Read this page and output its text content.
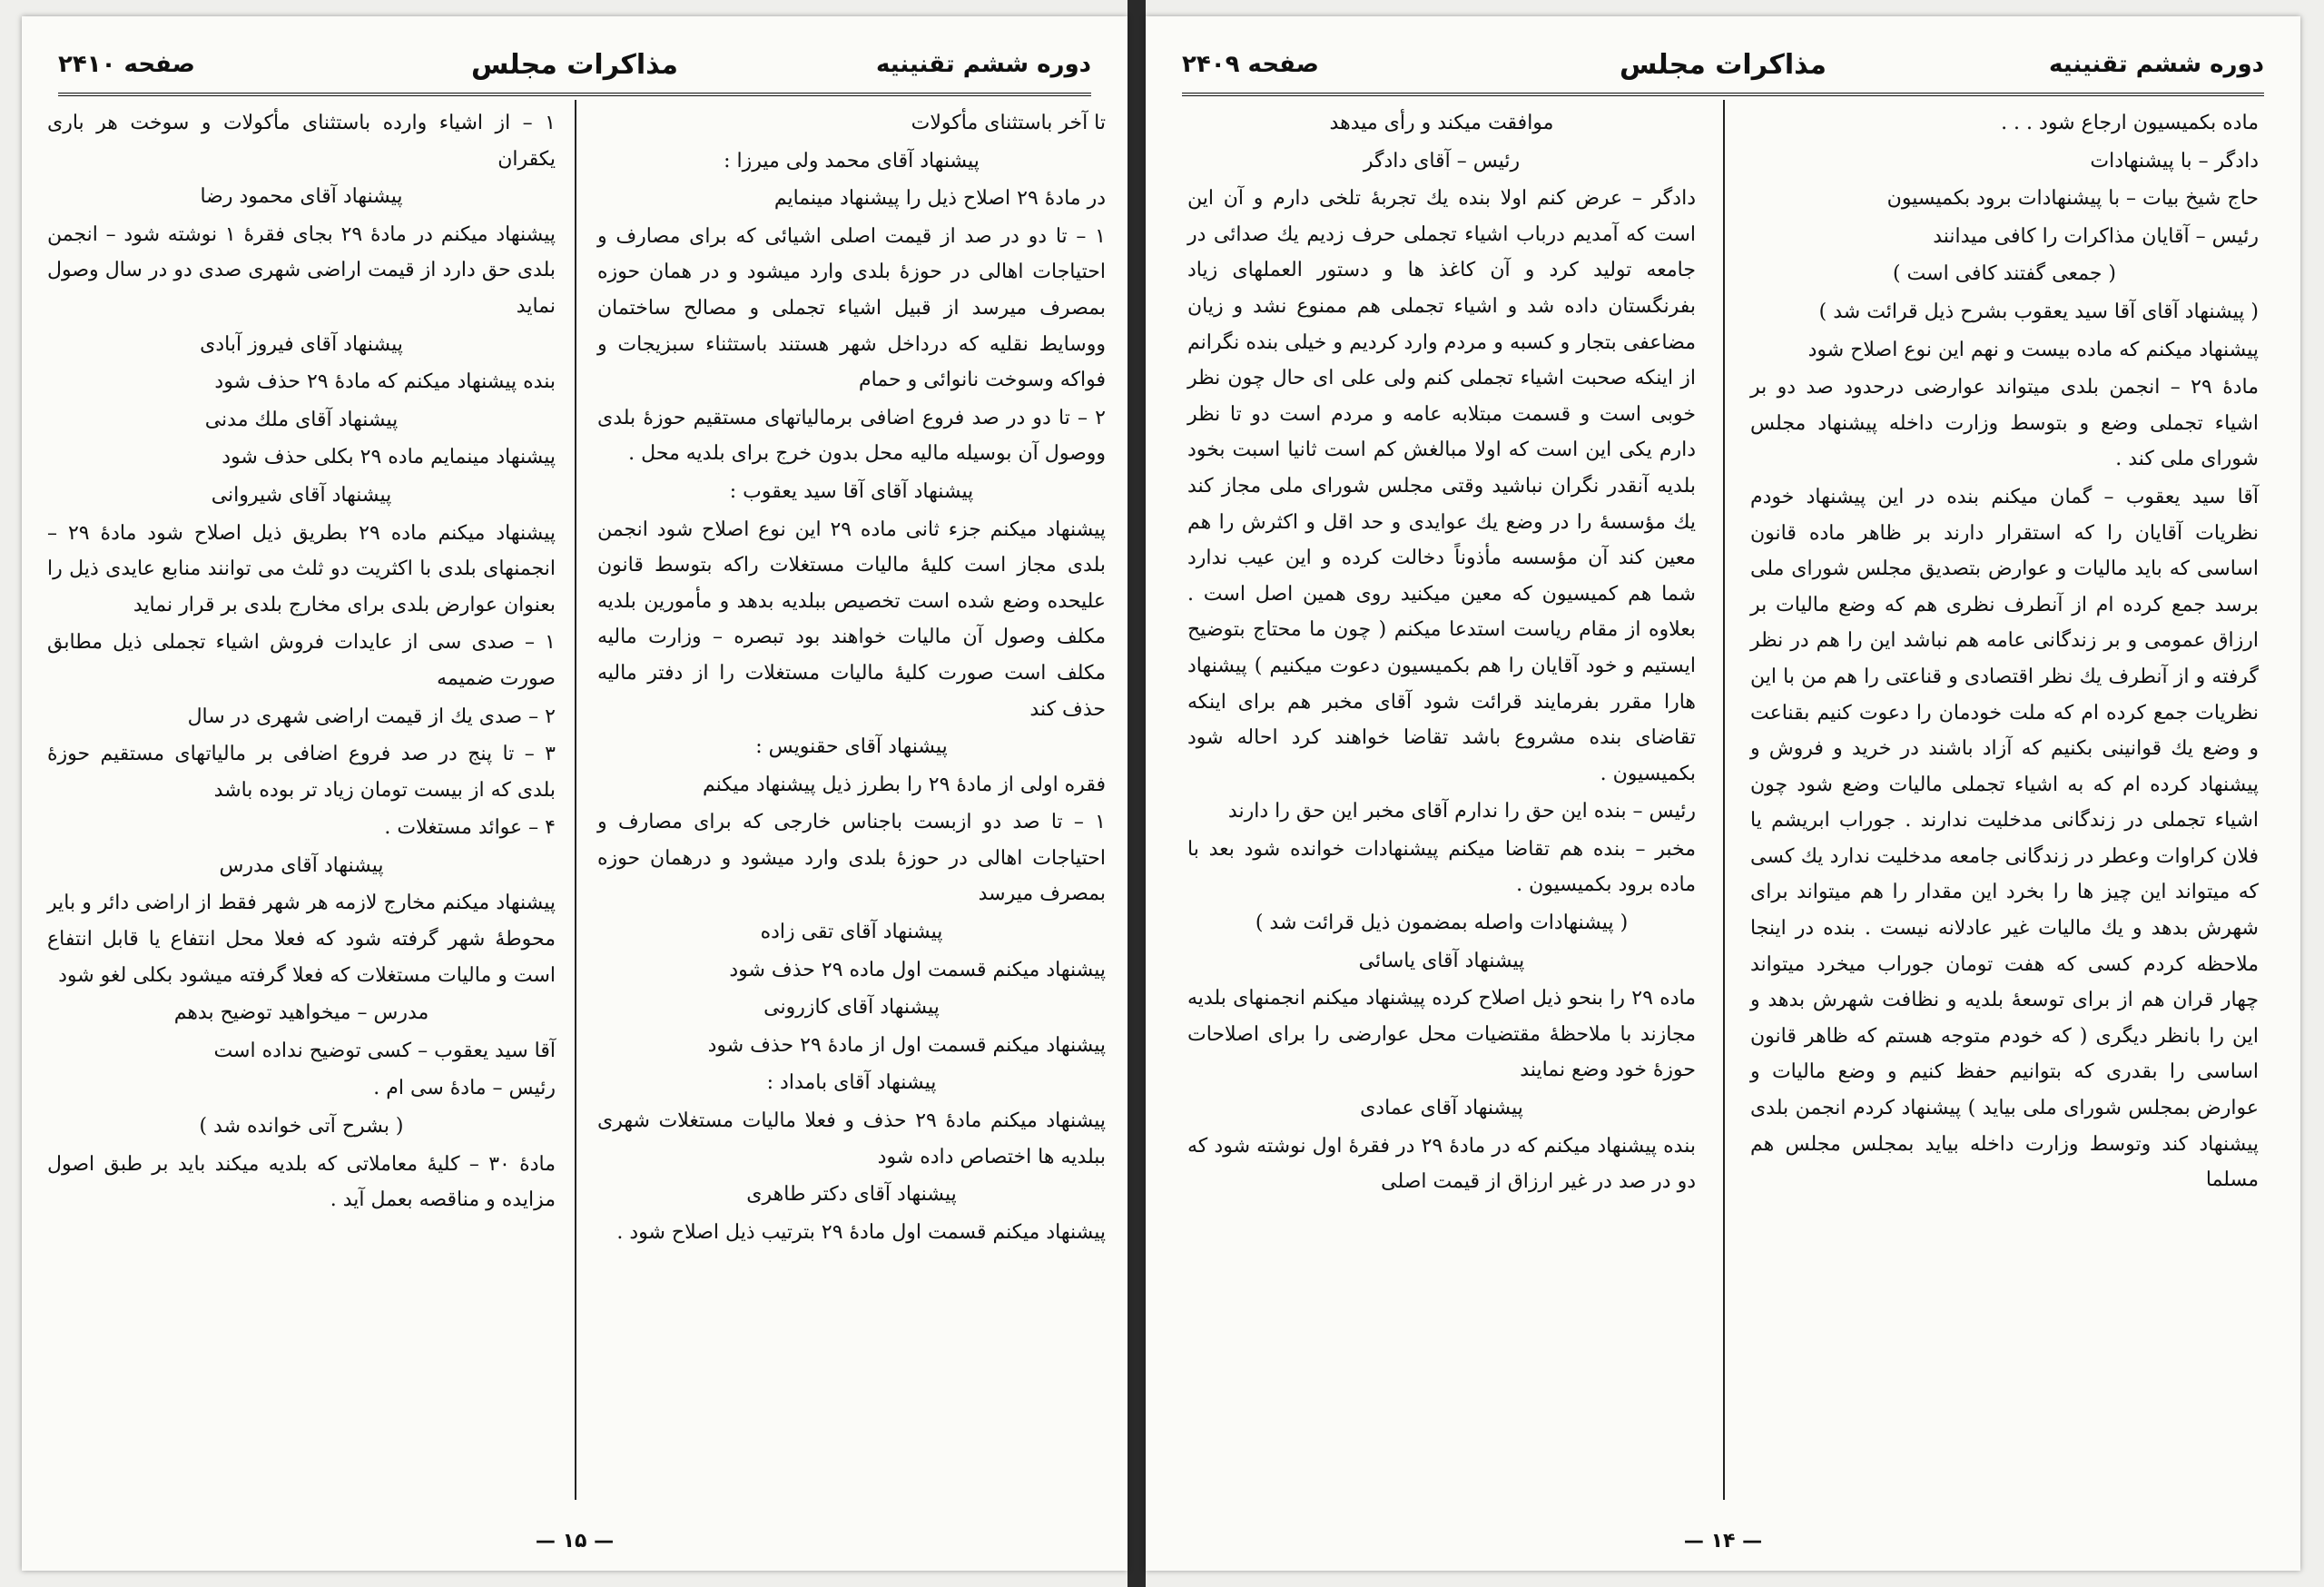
دوره ششم تقنينيه
مذاكرات مجلس
صفحه ۲۴۱۰

تا آخر باستثنای مأكولات

پيشنهاد آقای محمد ولی ميرزا :

در مادهٔ ۲۹ اصلاح ذيل را پيشنهاد مينمايم

۱ – تا دو در صد از قيمت اصلی اشيائی كه برای مصارف و احتياجات اهالی در حوزهٔ بلدی وارد ميشود و در همان حوزه بمصرف ميرسد از قبيل اشياء تجملی و مصالح ساختمان ووسايط نقليه كه درداخل شهر هستند باستثناء سبزيجات و فواكه وسوخت نانوائی و حمام

۲ – تا دو در صد فروع اضافی برمالياتهای مستقيم حوزهٔ بلدی ووصول آن بوسيله ماليه محل بدون خرج برای بلديه محل .

پيشنهاد آقای آقا سيد يعقوب :

پيشنهاد ميكنم جزء ثانی ماده ۲۹ اين نوع اصلاح شود انجمن بلدی مجاز است كليهٔ ماليات مستغلات راكه بتوسط قانون عليحده وضع شده است تخصيص ببلديه بدهد و مأمورين بلديه مكلف وصول آن ماليات خواهند بود تبصره – وزارت ماليه مكلف است صورت كليهٔ ماليات مستغلات را از دفتر ماليه حذف كند

پيشنهاد آقای حقنويس :

فقره اولی از مادهٔ ۲۹ را بطرز ذيل پيشنهاد ميكنم

۱ – تا صد دو ازبست باجناس خارجی كه برای مصارف و احتياجات اهالی در حوزهٔ بلدی وارد ميشود و درهمان حوزه بمصرف ميرسد

پيشنهاد آقای تقی زاده

پيشنهاد ميكنم قسمت اول ماده ۲۹ حذف شود

پيشنهاد آقای كازرونی

پيشنهاد ميكنم قسمت اول از مادهٔ ۲۹ حذف شود

پيشنهاد آقای بامداد :

پيشنهاد ميكنم مادهٔ ۲۹ حذف و فعلا ماليات مستغلات شهری ببلديه ها اختصاص داده شود

پيشنهاد آقای دكتر طاهری

پيشنهاد ميكنم قسمت اول مادهٔ ۲۹ بترتيب ذيل اصلاح شود .

۱ – از اشياء وارده باستثنای مأكولات و سوخت هر باری يكقران

پيشنهاد آقای محمود رضا

پيشنهاد ميكنم در مادهٔ ۲۹ بجای فقرهٔ ۱ نوشته شود – انجمن بلدی حق دارد از قيمت اراضی شهری صدی دو در سال وصول نمايد

پيشنهاد آقای فيروز آبادی

بنده پيشنهاد ميكنم كه مادهٔ ۲۹ حذف شود

پيشنهاد آقای ملك مدنی

پيشنهاد مينمايم ماده ۲۹ بكلی حذف شود

پيشنهاد آقای شيروانی

پيشنهاد ميكنم ماده ۲۹ بطريق ذيل اصلاح شود مادهٔ ۲۹ – انجمنهای بلدی با اكثريت دو ثلث می توانند منابع عايدی ذيل را بعنوان عوارض بلدی برای مخارج بلدی بر قرار نمايد

۱ – صدی سی از عايدات فروش اشياء تجملی ذيل مطابق صورت ضميمه

۲ – صدی يك از قيمت اراضی شهری در سال

۳ – تا پنج در صد فروع اضافی بر مالياتهای مستقيم حوزهٔ بلدی كه از بيست تومان زياد تر بوده باشد

۴ – عوائد مستغلات .

پيشنهاد آقای مدرس

پيشنهاد ميكنم مخارج لازمه هر شهر فقط از اراضی دائر و باير محوطهٔ شهر گرفته شود كه فعلا محل انتفاع يا قابل انتفاع است و ماليات مستغلات كه فعلا گرفته ميشود بكلی لغو شود

مدرس – ميخواهيد توضيح بدهم

آقا سيد يعقوب – كسی توضيح نداده است

رئيس – مادهٔ سی ام .

( بشرح آتی خوانده شد )

مادهٔ ۳۰ – كليهٔ معاملاتی كه بلديه ميكند بايد بر طبق اصول مزايده و مناقصه بعمل آيد .

— ۱۵ —
دوره ششم تقنينيه
مذاكرات مجلس
صفحه ۲۴۰۹

ماده بكميسيون ارجاع شود . . .

دادگر – با پيشنهادات

حاج شيخ بيات – با پيشنهادات برود بكميسيون

رئيس – آقايان مذاكرات را كافی ميدانند

( جمعی گفتند كافی است )

( پيشنهاد آقای آقا سيد يعقوب بشرح ذيل قرائت شد )

پيشنهاد ميكنم كه ماده بيست و نهم اين نوع اصلاح شود

مادهٔ ۲۹ – انجمن بلدی ميتواند عوارضی درحدود صد دو بر اشياء تجملی وضع و بتوسط وزارت داخله پيشنهاد مجلس شورای ملی كند .

آقا سيد يعقوب – گمان ميكنم بنده در اين پيشنهاد خودم نظريات آقايان را كه استقرار دارند بر ظاهر ماده قانون اساسی كه بايد ماليات و عوارض بتصديق مجلس شورای ملی برسد جمع كرده ام از آنطرف نظری هم كه وضع ماليات بر ارزاق عمومی و بر زندگانی عامه هم نباشد اين را هم در نظر گرفته و از آنطرف يك نظر اقتصادی و قناعتی را هم من با اين نظريات جمع كرده ام كه ملت خودمان را دعوت كنيم بقناعت و وضع يك قوانينی بكنيم كه آزاد باشند در خريد و فروش و پيشنهاد كرده ام كه به اشياء تجملی ماليات وضع شود چون اشياء تجملی در زندگانی مدخليت ندارند . جوراب ابريشم يا فلان كراوات وعطر در زندگانی جامعه مدخليت ندارد يك كسی كه ميتواند اين چيز ها را بخرد اين مقدار را هم ميتواند برای شهرش بدهد و يك ماليات غير عادلانه نيست . بنده در اينجا ملاحظه كردم كسی كه هفت تومان جوراب ميخرد ميتواند چهار قران هم از برای توسعهٔ بلديه و نظافت شهرش بدهد و اين را بانظر ديگری ( كه خودم متوجه هستم كه ظاهر قانون اساسی را بقدری كه بتوانيم حفظ كنيم و وضع ماليات و عوارض بمجلس شورای ملی بيايد ) پيشنهاد كردم انجمن بلدی پيشنهاد كند وتوسط وزارت داخله بيايد بمجلس مجلس هم مسلما

موافقت ميكند و رأی ميدهد

رئيس – آقای دادگر

دادگر – عرض كنم اولا بنده يك تجربهٔ تلخی دارم و آن اين است كه آمديم درباب اشياء تجملی حرف زديم يك صدائی در جامعه توليد كرد و آن كاغذ ها و دستور العملهای زياد بفرنگستان داده شد و اشياء تجملی هم ممنوع نشد و زيان مضاعفی بتجار و كسبه و مردم وارد كرديم و خيلی بنده نگرانم از اينكه صحبت اشياء تجملی كنم ولی علی ای حال چون نظر خوبی است و قسمت مبتلابه عامه و مردم است دو تا نظر دارم يكی اين است كه اولا مبالغش كم است ثانيا اسبت بخود بلديه آنقدر نگران نباشيد وقتی مجلس شورای ملی مجاز كند يك مؤسسهٔ را در وضع يك عوايدی و حد اقل و اكثرش را هم معين كند آن مؤسسه مأذوناً دخالت كرده و اين عيب ندارد شما هم كميسيون كه معين ميكنيد روی همين اصل است . بعلاوه از مقام رياست استدعا ميكنم ( چون ما محتاج بتوضيح ايستيم و خود آقايان را هم بكميسيون دعوت ميكنيم ) پيشنهاد هارا مقرر بفرمايند قرائت شود آقای مخبر هم برای اينكه تقاضای بنده مشروع باشد تقاضا خواهند كرد احاله شود بكميسيون .

رئيس – بنده اين حق را ندارم آقای مخبر اين حق را دارند

مخبر – بنده هم تقاضا ميكنم پيشنهادات خوانده شود بعد با ماده برود بكميسيون .

( پيشنهادات واصله بمضمون ذيل قرائت شد )

پيشنهاد آقای ياسائی

ماده ۲۹ را بنحو ذيل اصلاح كرده پيشنهاد ميكنم انجمنهای بلديه مجازند با ملاحظهٔ مقتضيات محل عوارضی را برای اصلاحات حوزهٔ خود وضع نمايند

پيشنهاد آقای عمادی

بنده پيشنهاد ميكنم كه در مادهٔ ۲۹ در فقرهٔ اول نوشته شود كه دو در صد در غير ارزاق از قيمت اصلی

— ۱۴ —
